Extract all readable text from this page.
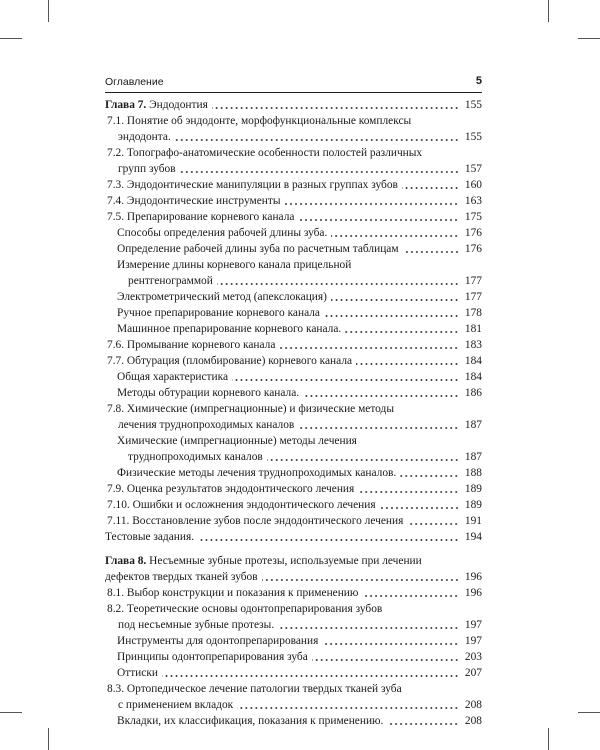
Оглавление	5
Глава 7. Эндодонтия	155
7.1. Понятие об эндодонте, морфофункциональные комплексы
эндодонта.	155
7.2. Топографо-анатомические особенности полостей различных
групп зубов	157
7.3. Эндодонтические манипуляции в разных группах зубов	160
7.4. Эндодонтические инструменты	163
7.5. Препарирование корневого канала	175
Способы определения рабочей длины зуба.	176
Определение рабочей длины зуба по расчетным таблицам	176
Измерение длины корневого канала прицельной
рентгенограммой	177
Электрометрический метод (апекслокация)	177
Ручное препарирование корневого канала	178
Машинное препарирование корневого канала.	181
7.6. Промывание корневого канала	183
7.7. Обтурация (пломбирование) корневого канала	184
Общая характеристика	184
Методы обтурации корневого канала.	186
7.8. Химические (импрегнационные) и физические методы
лечения труднопроходимых каналов	187
Химические (импрегнационные) методы лечения
труднопроходимых каналов	187
Физические методы лечения труднопроходимых каналов.	188
7.9. Оценка результатов эндодонтического лечения	189
7.10. Ошибки и осложнения эндодонтического лечения	189
7.11. Восстановление зубов после эндодонтического лечения	191
Тестовые задания.	194
Глава 8. Несъемные зубные протезы, используемые при лечении
дефектов твердых тканей зубов	196
8.1. Выбор конструкции и показания к применению	196
8.2. Теоретические основы одонтопрепарирования зубов
под несъемные зубные протезы.	197
Инструменты для одонтопрепарирования	197
Принципы одонтопрепарирования зуба	203
Оттиски	207
8.3. Ортопедическое лечение патологии твердых тканей зуба
с применением вкладок	208
Вкладки, их классификация, показания к применению.	208
